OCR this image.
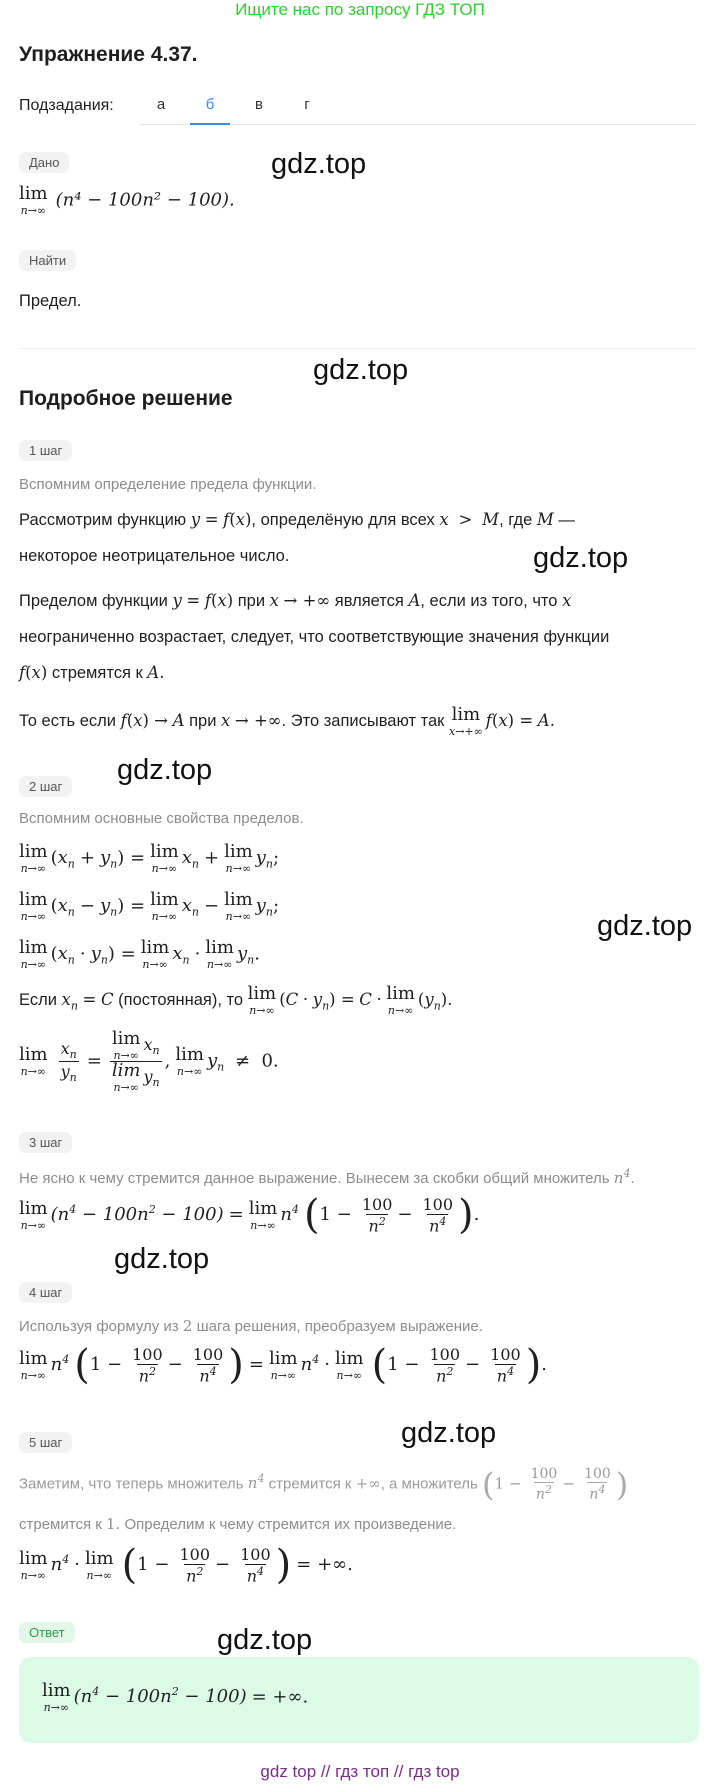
Ищите нас по запросу ГДЗ ТОП
Упражнение 4.37.
Подзадания:	а	б	в	г
Дано
lim
n→∞
(n⁴ − 100n² − 100).
gdz.top
Найти
Предел.
gdz.top
Подробное решение
1 шаг
Вспомним определение предела функции.
Рассмотрим функцию y = f(x), определёную для всех x  >  M, где M —
некоторое неотрицательное число.	gdz.top
Пределом функции y = f(x) при x → +∞ является A, если из того, что x
неограниченно возрастает, следует, что соответствующие значения функции
f(x) стремятся к A.
То есть если f(x) → A при x → +∞. Это записывают так lim
x→+∞
f(x) = A.
gdz.top
2 шаг
Вспомним основные свойства пределов.
lim
n→∞
$(x_n + y_n) = \lim$
n→∞
$x_n + \lim$
n→∞
$y_n$;
lim
n→∞
$(x_n - y_n) = \lim$
n→∞
$x_n - \lim$
n→∞
$y_n$;
lim
n→∞
$(x_n \cdot y_n) = \lim$
n→∞
$x_n \cdot \lim$
n→∞
$y_n$.
gdz.top
Если $x_n = C$ (постоянная), то lim
n→∞
$(C \cdot y_n) = C \cdot \lim$
n→∞
$(y_n)$.
lim
n→∞
$\frac{x_n}{y_n} = \lim$
n→∞
$x_n$
lim
n→∞
$y_n$ , lim
n→∞
$y_n \ne 0$.
3 шаг
Не ясно к чему стремится данное выражение. Вынесем за скобки общий множитель $n^4$.
lim
n→∞
$(n^4 - 100n^2 - 100) = \lim$
n→∞
$n^4$ ($1 - \frac{100}{n^2} - \frac{100}{n^4}$ ).
gdz.top
4 шаг
Используя формулу из 2 шага решения, преобразуем выражение.
lim
n→∞
$n^4$ ($1 - \frac{100}{n^2} - \frac{100}{n^4}$ ) = lim
n→∞
$n^4 \cdot \lim$
n→∞ ($1 - \frac{100}{n^2} - \frac{100}{n^4}$ ).
gdz.top
5 шаг
Заметим, что теперь множитель $n^4$ стремится к +∞, а множитель ($1 - \frac{100}{n^2} - \frac{100}{n^4}$ )
стремится к 1. Определим к чему стремится их произведение.
lim
n→∞
$n^4 \cdot \lim$
n→∞ ($1 - \frac{100}{n^2} - \frac{100}{n^4}$ ) = +∞.
Ответ	gdz.top
lim
n→∞
$(n^4 - 100n^2 - 100)$ = +∞.
gdz top // гдз топ // гдз top
